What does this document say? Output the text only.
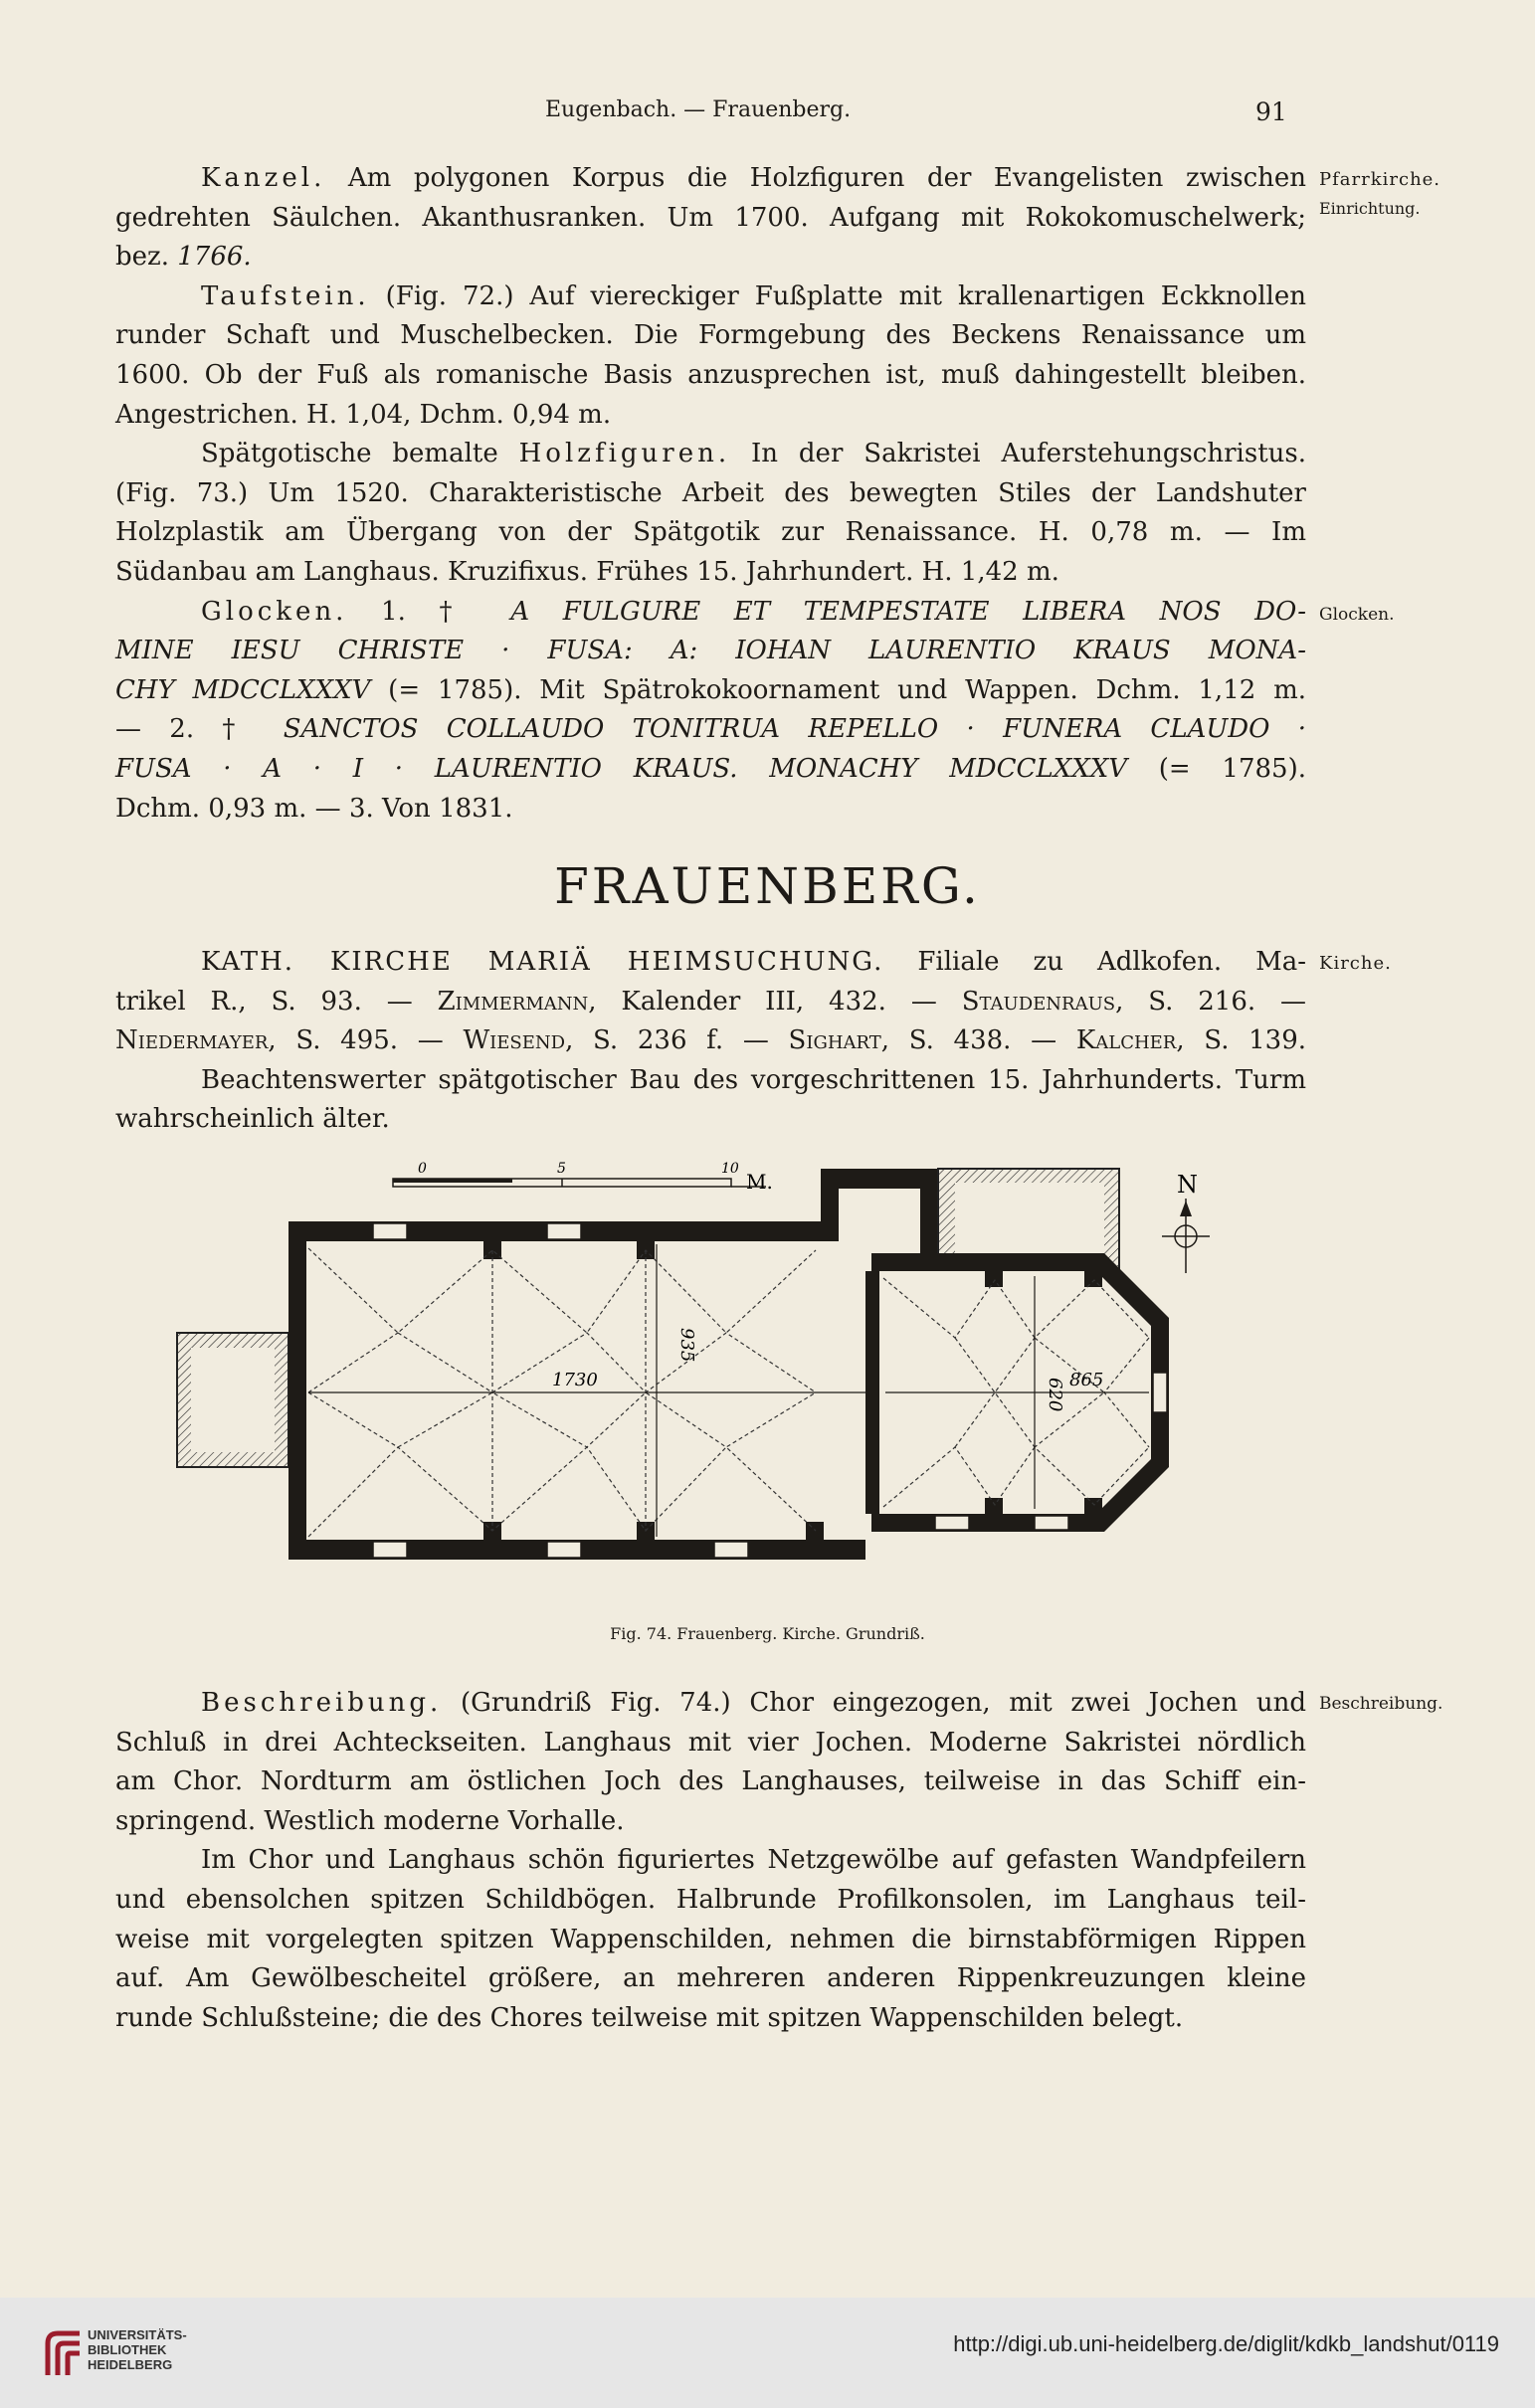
Eugenbach. — Frauenberg.	91
Pfarrkirche.
Einrichtung.
Glocken.
Kirche.
Beschreibung.
Kanzel. Am polygonen Korpus die Holzfiguren der Evangelisten zwischen
gedrehten Säulchen. Akanthusranken. Um 1700. Aufgang mit Rokokomuschelwerk;
bez. 1766.
Taufstein. (Fig. 72.) Auf viereckiger Fußplatte mit krallenartigen Eckknollen
runder Schaft und Muschelbecken. Die Formgebung des Beckens Renaissance um
1600. Ob der Fuß als romanische Basis anzusprechen ist, muß dahingestellt bleiben.
Angestrichen. H. 1,04, Dchm. 0,94 m.
Spätgotische bemalte Holzfiguren. In der Sakristei Auferstehungschristus.
(Fig. 73.) Um 1520. Charakteristische Arbeit des bewegten Stiles der Landshuter
Holzplastik am Übergang von der Spätgotik zur Renaissance. H. 0,78 m. — Im
Südanbau am Langhaus. Kruzifixus. Frühes 15. Jahrhundert. H. 1,42 m.
Glocken. 1. † A FULGURE ET TEMPESTATE LIBERA NOS DO-
MINE IESU CHRISTE · FUSA: A: IOHAN LAURENTIO KRAUS MONA-
CHY MDCCLXXXV (= 1785). Mit Spätrokokoornament und Wappen. Dchm. 1,12 m.
— 2. † SANCTOS COLLAUDO TONITRUA REPELLO · FUNERA CLAUDO ·
FUSA · A · I · LAURENTIO KRAUS. MONACHY MDCCLXXXV (= 1785).
Dchm. 0,93 m. — 3. Von 1831.
FRAUENBERG.
KATH. KIRCHE MARIÄ HEIMSUCHUNG. Filiale zu Adlkofen. Ma-
trikel R., S. 93. — Zimmermann, Kalender III, 432. — Staudenraus, S. 216. —
Niedermayer, S. 495. — Wiesend, S. 236 f. — Sighart, S. 438. — Kalcher, S. 139.
Beachtenswerter spätgotischer Bau des vorgeschrittenen 15. Jahrhunderts. Turm
wahrscheinlich älter.
1730
935
865
620
0	5	10
M.	N
Fig. 74. Frauenberg. Kirche. Grundriß.
Beschreibung. (Grundriß Fig. 74.) Chor eingezogen, mit zwei Jochen und
Schluß in drei Achteckseiten. Langhaus mit vier Jochen. Moderne Sakristei nördlich
am Chor. Nordturm am östlichen Joch des Langhauses, teilweise in das Schiff ein-
springend. Westlich moderne Vorhalle.
Im Chor und Langhaus schön figuriertes Netzgewölbe auf gefasten Wandpfeilern
und ebensolchen spitzen Schildbögen. Halbrunde Profilkonsolen, im Langhaus teil-
weise mit vorgelegten spitzen Wappenschilden, nehmen die birnstabförmigen Rippen
auf. Am Gewölbescheitel größere, an mehreren anderen Rippenkreuzungen kleine
runde Schlußsteine; die des Chores teilweise mit spitzen Wappenschilden belegt.
UNIVERSITÄTS-
BIBLIOTHEK
HEIDELBERG
http://digi.ub.uni-heidelberg.de/diglit/kdkb_landshut/0119
